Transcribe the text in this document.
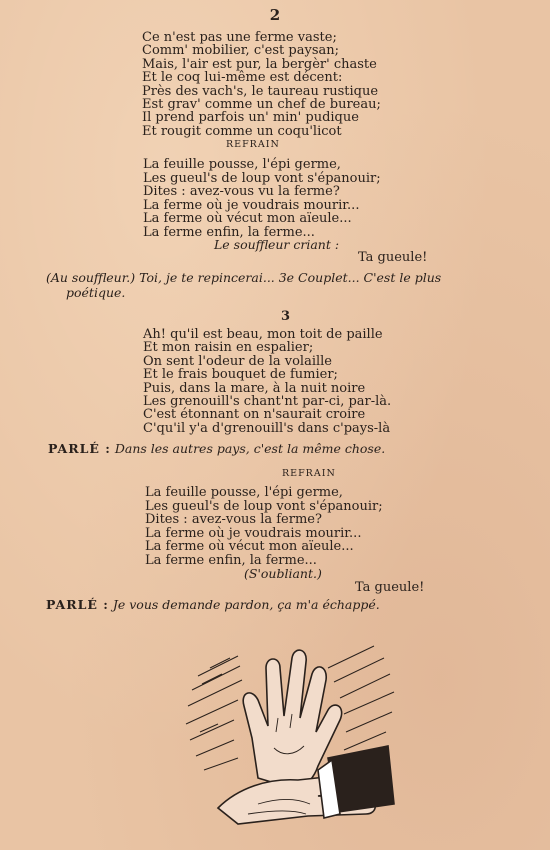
2
Ce n'est pas une ferme vaste;
Comm' mobilier, c'est paysan;
Mais, l'air est pur, la bergèr' chaste
Et le coq lui-même est décent:
Près des vach's, le taureau rustique
Est grav' comme un chef de bureau;
Il prend parfois un' min' pudique
Et rougit comme un coqu'licot
REFRAIN
La feuille pousse, l'épi germe,
Les gueul's de loup vont s'épanouir;
Dites : avez-vous vu la ferme?
La ferme où je voudrais mourir...
La ferme où vécut mon aïeule...
La ferme enfin, la ferme...
Le souffleur criant :
Ta gueule!
(Au souffleur.) Toi, je te repincerai... 3e Couplet... C'est le plus
poétique.
3
Ah! qu'il est beau, mon toit de paille
Et mon raisin en espalier;
On sent l'odeur de la volaille
Et le frais bouquet de fumier;
Puis, dans la mare, à la nuit noire
Les grenouill's chant'nt par-ci, par-là.
C'est étonnant on n'saurait croire
C'qu'il y'a d'grenouill's dans c'pays-là
PARLÉ : Dans les autres pays, c'est la même chose.
REFRAIN
La feuille pousse, l'épi germe,
Les gueul's de loup vont s'épanouir;
Dites : avez-vous la ferme?
La ferme où je voudrais mourir...
La ferme où vécut mon aïeule...
La ferme enfin, la ferme...
(S'oubliant.)
Ta gueule!
PARLÉ : Je vous demande pardon, ça m'a échappé.
